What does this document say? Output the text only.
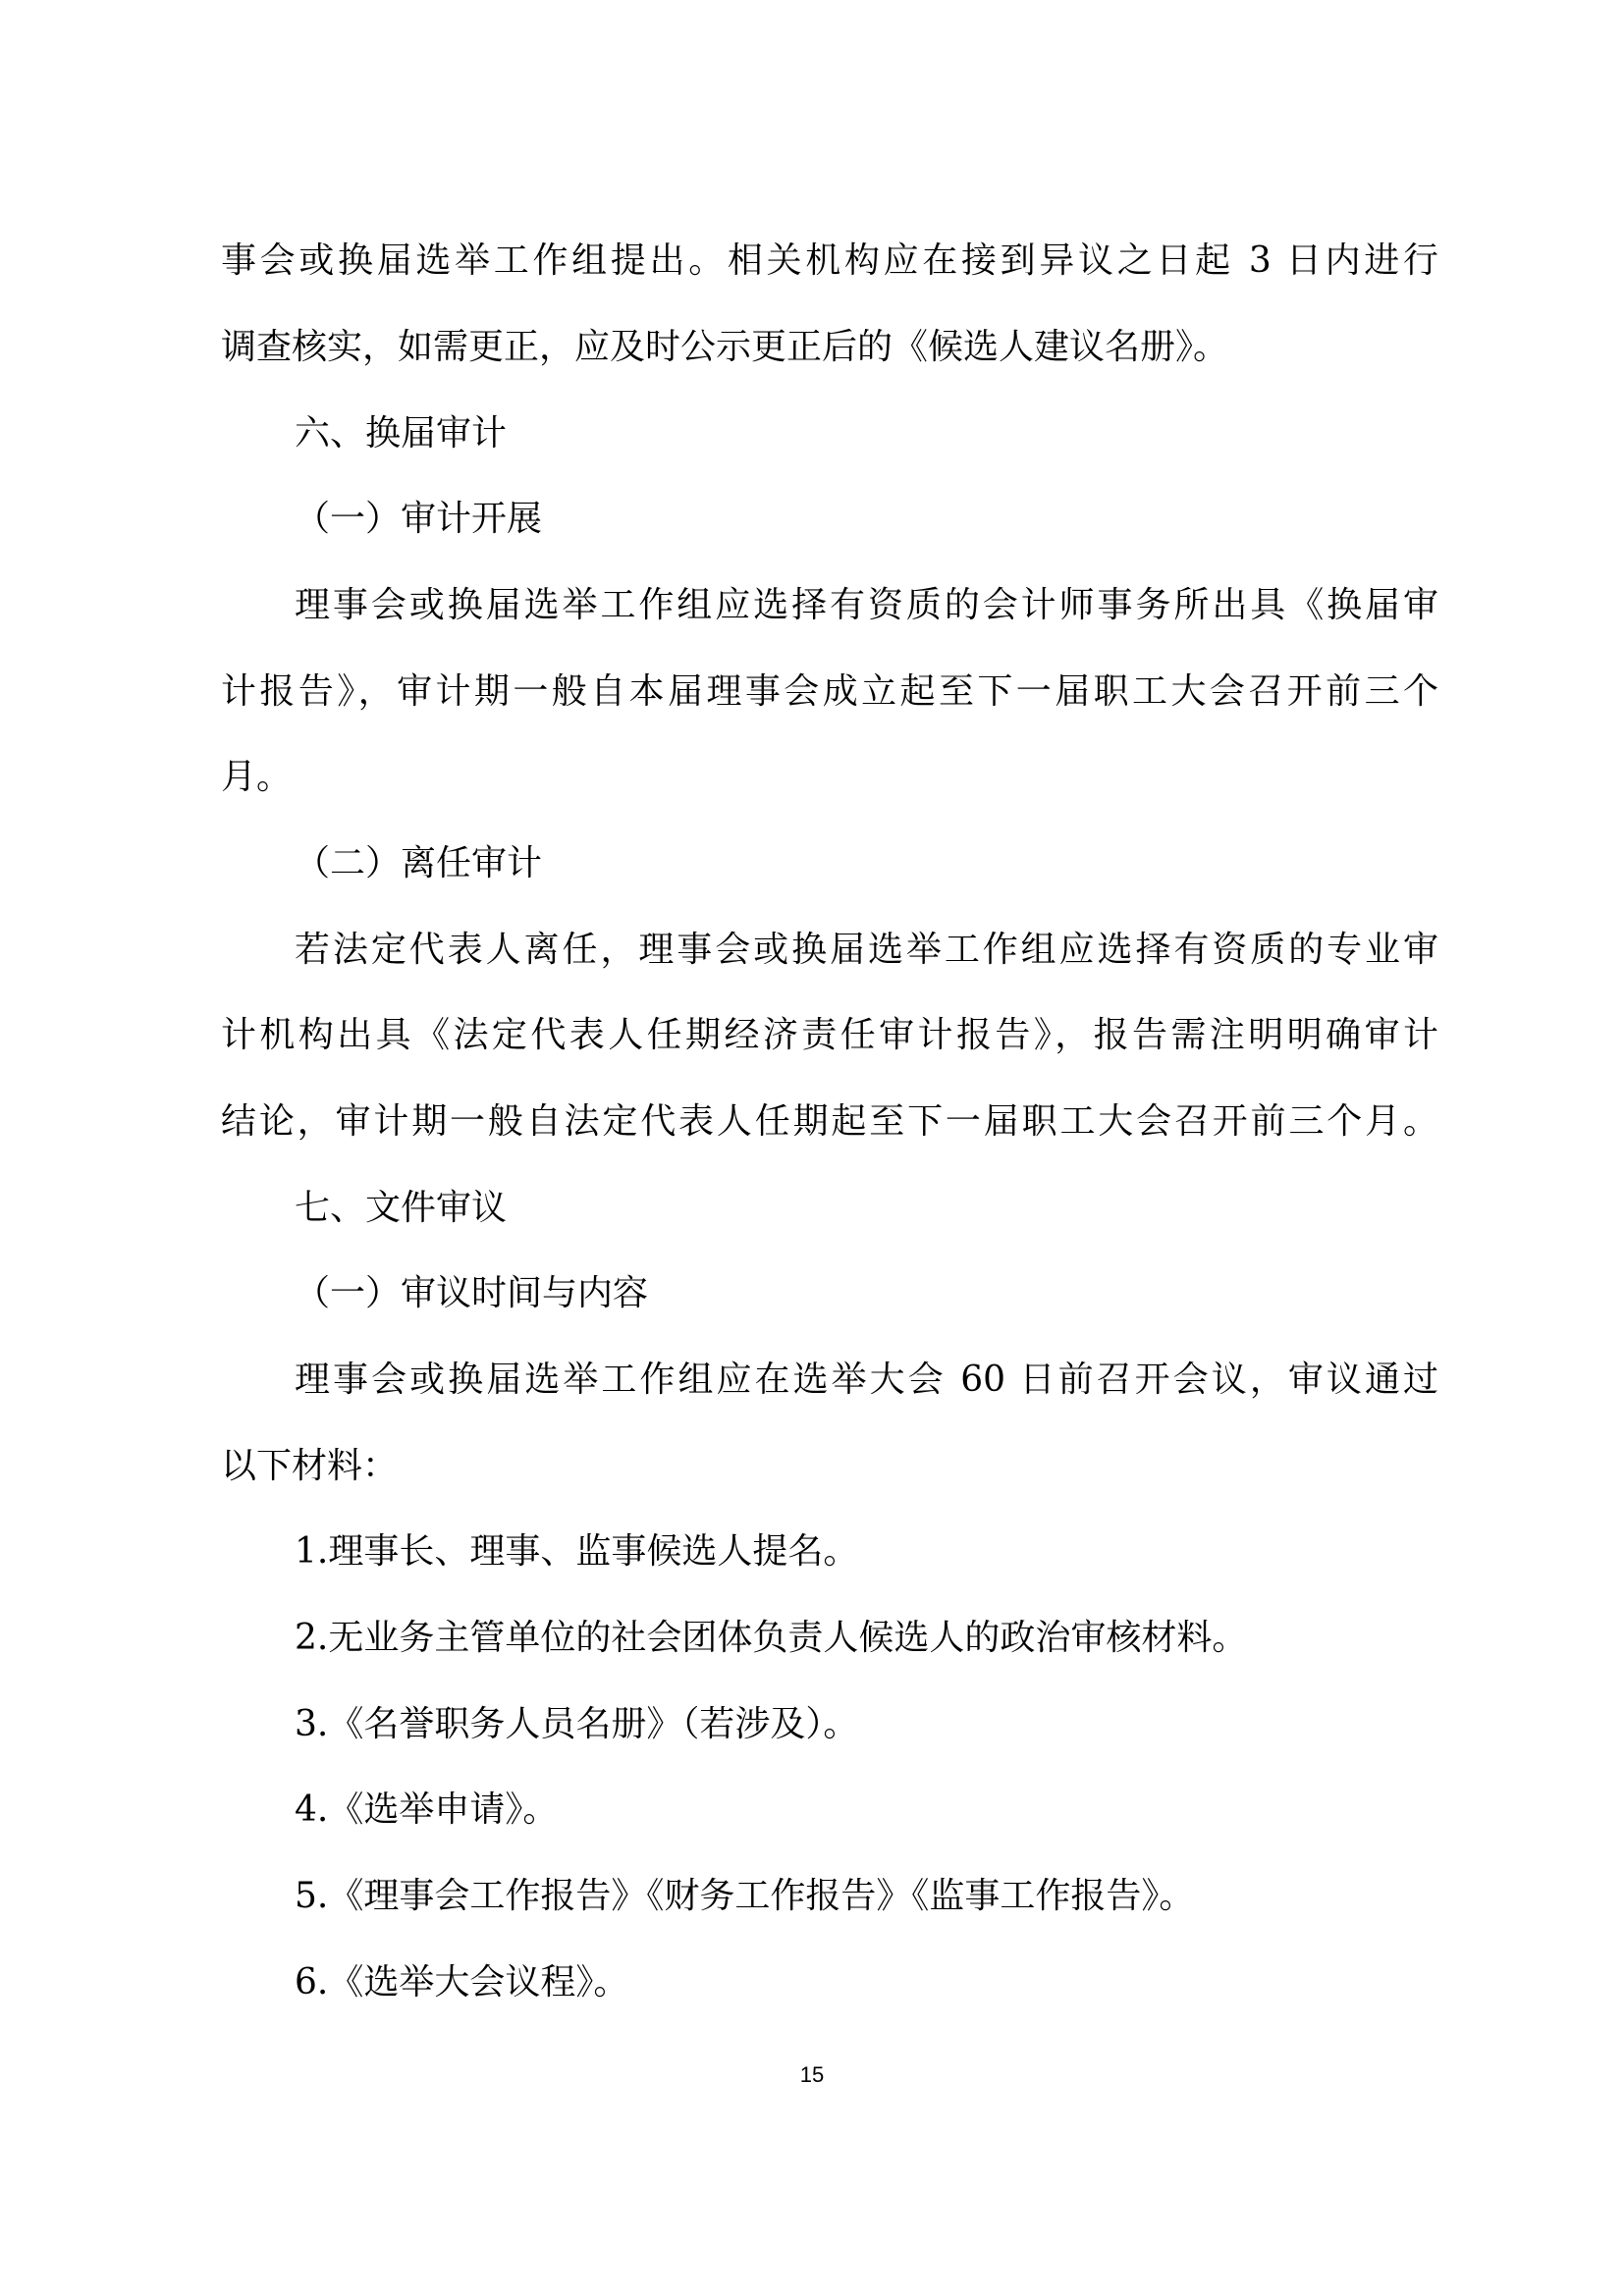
事会或换届选举工作组提出。相关机构应在接到异议之日起 3 日内进行
调查核实，如需更正，应及时公示更正后的《候选人建议名册》。
六、换届审计
（一）审计开展
理事会或换届选举工作组应选择有资质的会计师事务所出具《换届审
计报告》，审计期一般自本届理事会成立起至下一届职工大会召开前三个
月。
（二）离任审计
若法定代表人离任，理事会或换届选举工作组应选择有资质的专业审
计机构出具《法定代表人任期经济责任审计报告》，报告需注明明确审计
结论，审计期一般自法定代表人任期起至下一届职工大会召开前三个月。
七、文件审议
（一）审议时间与内容
理事会或换届选举工作组应在选举大会 60 日前召开会议，审议通过
以下材料：
1.理事长、理事、监事候选人提名。
2.无业务主管单位的社会团体负责人候选人的政治审核材料。
3.《名誉职务人员名册》（若涉及）。
4.《选举申请》。
5.《理事会工作报告》《财务工作报告》《监事工作报告》。
6.《选举大会议程》。
15
